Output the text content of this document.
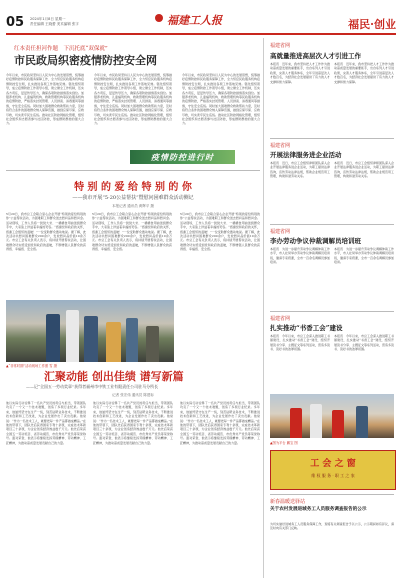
05 2024年1月8日 星期一
责任编辑 王晓蕾 美术编辑 张宇	福建工人报	福民·创业
红本责任担河作题　下沉托底“双保就”
市民政局织密疫情防控安全网
今年以来，市民政局坚持以人民为中心的发展思想，统筹做好疫情防控和民政服务保障工作，全力织密民政服务机构疫情防控安全网，扎实推进各项工作落地见效。强化组织领导，成立疫情防控工作领导小组，建立健全工作机制，压实各方责任，层层传导压力，确保各项防控措施落实到位。加强养老机构、儿童福利机构、救助管理机构等民政服务机构的疫情防控，严格落实封闭管理、人员排查、消毒通风等措施，守住安全底线。同时加大困难群众救助帮扶力度，及时将符合条件的困难群众纳入保障范围，做到应保尽保、应救尽救，切实兜牢民生底线。推动社区防控网格化管理，组织社会组织和志愿者参与社区防控，形成群防群控的强大合力。
今年以来，市民政局坚持以人民为中心的发展思想，统筹做好疫情防控和民政服务保障工作，全力织密民政服务机构疫情防控安全网，扎实推进各项工作落地见效。强化组织领导，成立疫情防控工作领导小组，建立健全工作机制，压实各方责任，层层传导压力，确保各项防控措施落实到位。加强养老机构、儿童福利机构、救助管理机构等民政服务机构的疫情防控，严格落实封闭管理、人员排查、消毒通风等措施，守住安全底线。同时加大困难群众救助帮扶力度，及时将符合条件的困难群众纳入保障范围，做到应保尽保、应救尽救，切实兜牢民生底线。推动社区防控网格化管理，组织社会组织和志愿者参与社区防控，形成群防群控的强大合力。
今年以来，市民政局坚持以人民为中心的发展思想，统筹做好疫情防控和民政服务保障工作，全力织密民政服务机构疫情防控安全网，扎实推进各项工作落地见效。强化组织领导，成立疫情防控工作领导小组，建立健全工作机制，压实各方责任，层层传导压力，确保各项防控措施落实到位。加强养老机构、儿童福利机构、救助管理机构等民政服务机构的疫情防控，严格落实封闭管理、人员排查、消毒通风等措施，守住安全底线。同时加大困难群众救助帮扶力度，及时将符合条件的困难群众纳入保障范围，做到应保尽保、应救尽救，切实兜牢民生底线。推动社区防控网格化管理，组织社会组织和志愿者参与社区防控，形成群防群控的强大合力。
疫情防控进行时
特 别 的 爱 给 特 别 的 你
——我市开展“5·20公益帮扶”暨慰问困难群众活动侧记
本报记者 通讯员 黄辉平 摄
5月20日，我市总工会联合爱心企业开展“特别的爱给特别的你”公益帮扶活动，为困难职工和群众送去慰问品和慰问金。活动现场，工作人员将一袋袋大米、一桶桶食用油送到群众手中，大家脸上洋溢着幸福的笑容。“感谢党和政府的关怀，感谢工会组织的温暖！”一位受助群众激动地说。据了解，此次活动共慰问困难群众200余户，发放慰问品价值10余万元。市总工会有关负责人表示，将持续开展帮扶活动，让困难群众切实感受到党和政府的温暖，不断增强人民群众的获得感、幸福感、安全感。
5月20日，我市总工会联合爱心企业开展“特别的爱给特别的你”公益帮扶活动，为困难职工和群众送去慰问品和慰问金。活动现场，工作人员将一袋袋大米、一桶桶食用油送到群众手中，大家脸上洋溢着幸福的笑容。“感谢党和政府的关怀，感谢工会组织的温暖！”一位受助群众激动地说。据了解，此次活动共慰问困难群众200余户，发放慰问品价值10余万元。市总工会有关负责人表示，将持续开展帮扶活动，让困难群众切实感受到党和政府的温暖，不断增强人民群众的获得感、幸福感、安全感。
5月20日，我市总工会联合爱心企业开展“特别的爱给特别的你”公益帮扶活动，为困难职工和群众送去慰问品和慰问金。活动现场，工作人员将一袋袋大米、一桶桶食用油送到群众手中，大家脸上洋溢着幸福的笑容。“感谢党和政府的关怀，感谢工会组织的温暖！”一位受助群众激动地说。据了解，此次活动共慰问困难群众200余户，发放慰问品价值10余万元。市总工会有关负责人表示，将持续开展帮扶活动，让困难群众切实感受到党和政府的温暖，不断增强人民群众的获得感、幸福感、安全感。
▲“非常时期”活动现场工作照 雪 摄
汇聚动能 创出佳绩 谱写新篇
——记“全国五一劳动奖章”获得者福州市中铁工业有限责任公司驻马分所长
记者 张宏伟 通讯员 陈建标
他以实际行动诠释了一名共产党员的责任与担当，带领团队攻克了一个又一个技术难题，创造了多项行业纪录。多年来，他始终坚守在生产一线，刻苦钻研业务技术，不断推进技术创新和工艺改进，为企业发展作出了突出贡献。他常说：“作为一名技术工人，就要把每一件产品都做成精品。”在他的带领下，团队先后获得国家专利十余项，完成技术革新项目三十余项，为企业创造经济效益数千万元。他先后荣获全国五一劳动奖章、省劳动模范、市优秀共产党员等荣誉称号。面对荣誉，他表示将继续发扬劳模精神、劳动精神、工匠精神，为推动高质量发展贡献自己的力量。
他以实际行动诠释了一名共产党员的责任与担当，带领团队攻克了一个又一个技术难题，创造了多项行业纪录。多年来，他始终坚守在生产一线，刻苦钻研业务技术，不断推进技术创新和工艺改进，为企业发展作出了突出贡献。他常说：“作为一名技术工人，就要把每一件产品都做成精品。”在他的带领下，团队先后获得国家专利十余项，完成技术革新项目三十余项，为企业创造经济效益数千万元。他先后荣获全国五一劳动奖章、省劳动模范、市优秀共产党员等荣誉称号。面对荣誉，他表示将继续发扬劳模精神、劳动精神、工匠精神，为推动高质量发展贡献自己的力量。
他以实际行动诠释了一名共产党员的责任与担当，带领团队攻克了一个又一个技术难题，创造了多项行业纪录。多年来，他始终坚守在生产一线，刻苦钻研业务技术，不断推进技术创新和工艺改进，为企业发展作出了突出贡献。他常说：“作为一名技术工人，就要把每一件产品都做成精品。”在他的带领下，团队先后获得国家专利十余项，完成技术革新项目三十余项，为企业创造经济效益数千万元。他先后荣获全国五一劳动奖章、省劳动模范、市优秀共产党员等荣誉称号。面对荣誉，他表示将继续发扬劳模精神、劳动精神、工匠精神，为推动高质量发展贡献自己的力量。
福建省网
高就量推进高层次人才引进工作
本报讯　近年来，我市坚持把人才工作作为推动高质量发展的重要抓手，出台系列人才引进政策，完善人才服务体系，全年引进高层次人才数百名，为经济社会发展提供了有力的人才支撑和智力保障。
本报讯　近年来，我市坚持把人才工作作为推动高质量发展的重要抓手，出台系列人才引进政策，完善人才服务体系，全年引进高层次人才数百名，为经济社会发展提供了有力的人才支撑和智力保障。
福建省网
开展法律服务进企业活动
本报讯　近日，市总工会组织律师团队深入企业开展法律服务进企业活动，为职工提供法律咨询，宣传劳动法律法规，帮助企业规范用工管理，构建和谐劳动关系。
本报讯　近日，市总工会组织律师团队深入企业开展法律服务进企业活动，为职工提供法律咨询，宣传劳动法律法规，帮助企业规范用工管理，构建和谐劳动关系。
福建省网
李办劳动争议仲裁调解员培训班
本报讯　为进一步提升劳动争议调解仲裁工作水平，市人社局举办劳动争议仲裁调解员培训班，邀请专家授课，全市一百余名调解员参加培训。
本报讯　为进一步提升劳动争议调解仲裁工作水平，市人社局举办劳动争议仲裁调解员培训班，邀请专家授课，全市一百余名调解员参加培训。
福建省网
扎实推动“书香工会”建设
本报讯　今年以来，市总工会深入推进职工书屋建设，扎实推动“书香工会”建设，组织开展读书分享、主题征文等系列活动，营造多读书、读好书的浓厚氛围。
本报讯　今年以来，市总工会深入推进职工书屋建设，扎实推动“书香工会”建设，组织开展读书分享、主题征文等系列活动，营造多读书、读好书的浓厚氛围。
▲图为平台 鹏宝 图
工 会 之 窗
维 权 服 务 · 职 工 之 家
新春温暖送驿站
关于农村发展进城务工人员服务调查报告的公示
为切实做好进城务工人员服务保障工作，现将有关调查报告予以公示，公示期间如有异议，请及时向有关部门反映。
